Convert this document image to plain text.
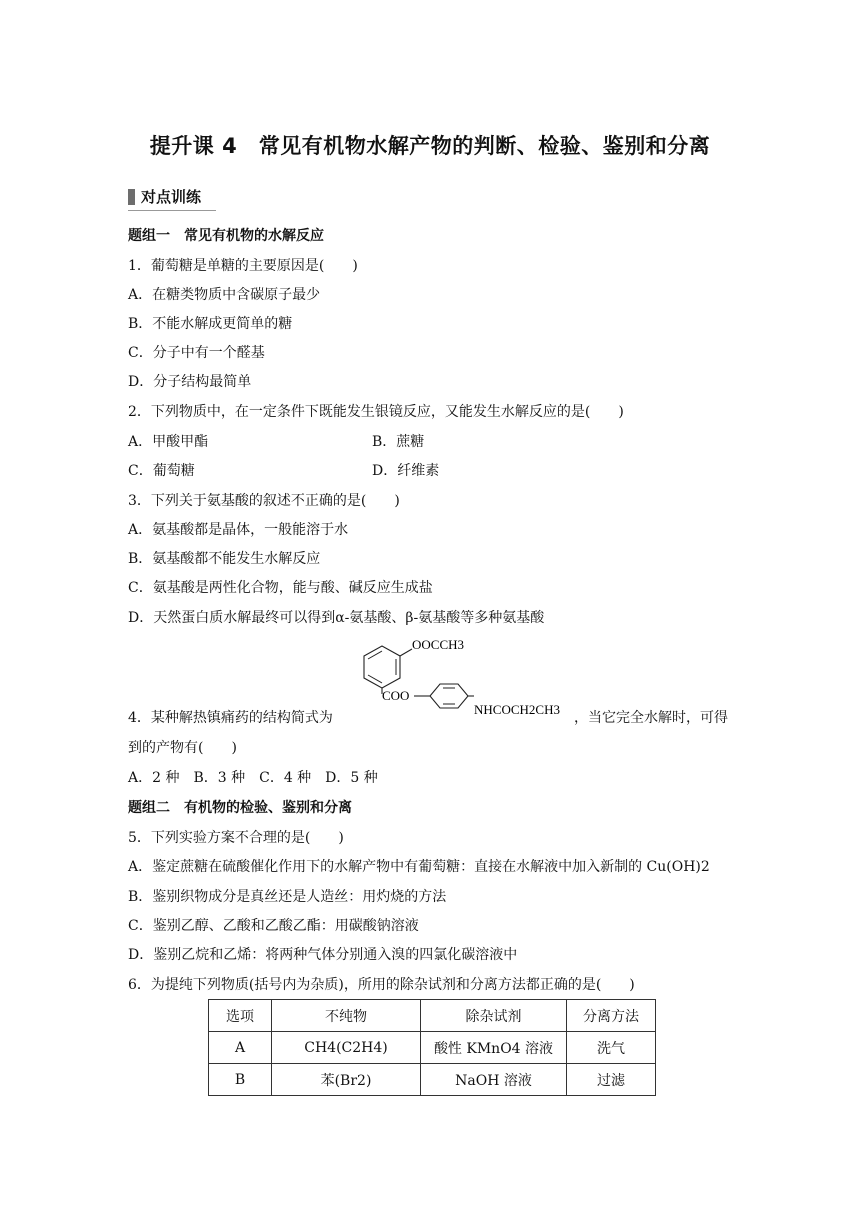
提升课 4　常见有机物水解产物的判断、检验、鉴别和分离
对点训练
题组一　常见有机物的水解反应
1．葡萄糖是单糖的主要原因是(　　)
A．在糖类物质中含碳原子最少
B．不能水解成更简单的糖
C．分子中有一个醛基
D．分子结构最简单
2．下列物质中，在一定条件下既能发生银镜反应，又能发生水解反应的是(　　)
A．甲酸甲酯	B．蔗糖
C．葡萄糖	D．纤维素
3．下列关于氨基酸的叙述不正确的是(　　)
A．氨基酸都是晶体，一般能溶于水
B．氨基酸都不能发生水解反应
C．氨基酸是两性化合物，能与酸、碱反应生成盐
D．天然蛋白质水解最终可以得到α-氨基酸、β-氨基酸等多种氨基酸
OOCCH3
COO
NHCOCH2CH3
4．某种解热镇痛药的结构简式为	，当它完全水解时，可得
到的产物有(　　)
A．2 种　B．3 种　C．4 种　D．5 种
题组二　有机物的检验、鉴别和分离
5．下列实验方案不合理的是(　　)
A．鉴定蔗糖在硫酸催化作用下的水解产物中有葡萄糖：直接在水解液中加入新制的 Cu(OH)2
B．鉴别织物成分是真丝还是人造丝：用灼烧的方法
C．鉴别乙醇、乙酸和乙酸乙酯：用碳酸钠溶液
D．鉴别乙烷和乙烯：将两种气体分别通入溴的四氯化碳溶液中
6．为提纯下列物质(括号内为杂质)，所用的除杂试剂和分离方法都正确的是(　　)
选项	不纯物	除杂试剂	分离方法
A	CH4(C2H4)	酸性 KMnO4 溶液	洗气
B	苯(Br2)	NaOH 溶液	过滤
